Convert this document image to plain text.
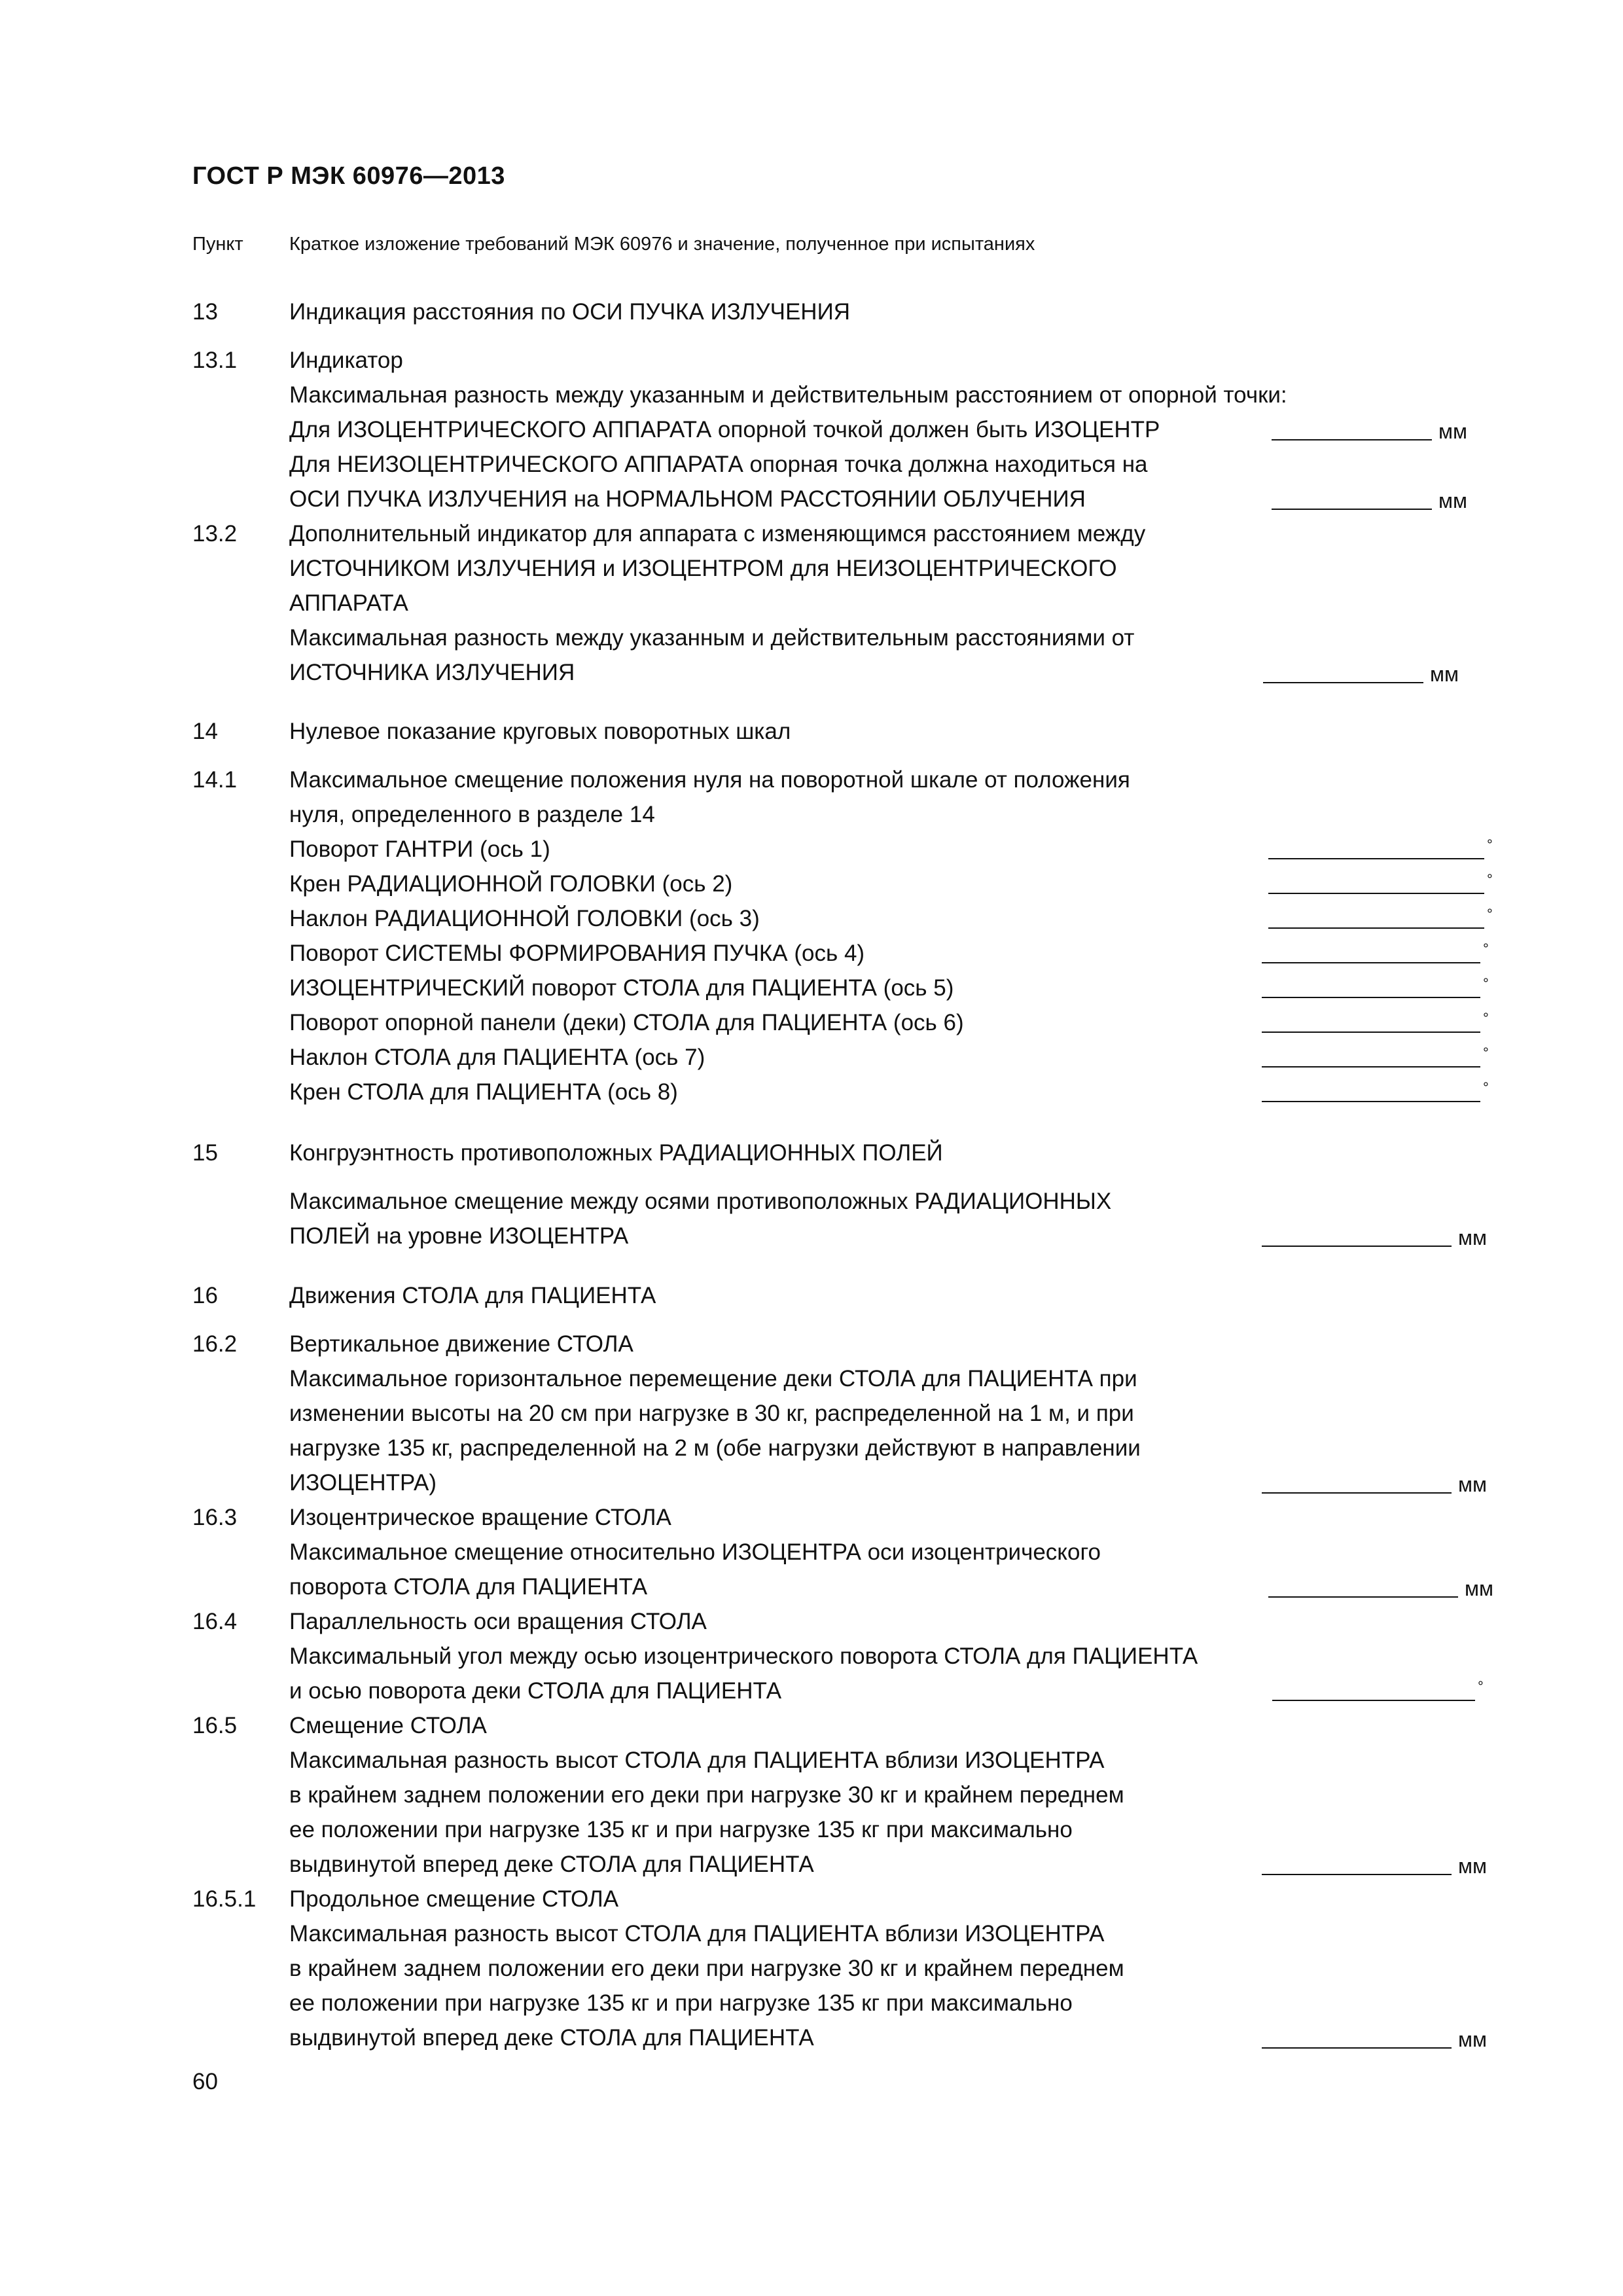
ГОСТ Р МЭК 60976—2013
Пункт Краткое изложение требований МЭК 60976 и значение, полученное при испытаниях
13	Индикация расстояния по ОСИ ПУЧКА ИЗЛУЧЕНИЯ
13.1 Индикатор
Максимальная разность между указанным и действительным расстоянием от опорной точки:
Для ИЗОЦЕНТРИЧЕСКОГО АППАРАТА опорной точкой должен быть ИЗОЦЕНТР	мм
Для НЕИЗОЦЕНТРИЧЕСКОГО АППАРАТА опорная точка должна находиться на
ОСИ ПУЧКА ИЗЛУЧЕНИЯ на НОРМАЛЬНОМ РАССТОЯНИИ ОБЛУЧЕНИЯ	мм
13.2 Дополнительный индикатор для аппарата с изменяющимся расстоянием между
ИСТОЧНИКОМ ИЗЛУЧЕНИЯ и ИЗОЦЕНТРОМ для НЕИЗОЦЕНТРИЧЕСКОГО
АППАРАТА
Максимальная разность между указанным и действительным расстояниями от
ИСТОЧНИКА ИЗЛУЧЕНИЯ	мм
14	Нулевое показание круговых поворотных шкал
14.1 Максимальное смещение положения нуля на поворотной шкале от положения
нуля, определенного в разделе 14
Поворот ГАНТРИ (ось 1)	°
Крен РАДИАЦИОННОЙ ГОЛОВКИ (ось 2)	°
Наклон РАДИАЦИОННОЙ ГОЛОВКИ (ось 3)	°
Поворот СИСТЕМЫ ФОРМИРОВАНИЯ ПУЧКА (ось 4)	°
ИЗОЦЕНТРИЧЕСКИЙ поворот СТОЛА для ПАЦИЕНТА (ось 5)	°
Поворот опорной панели (деки) СТОЛА для ПАЦИЕНТА (ось 6)	°
Наклон СТОЛА для ПАЦИЕНТА (ось 7)	°
Крен СТОЛА для ПАЦИЕНТА (ось 8)	°
15	Конгруэнтность противоположных РАДИАЦИОННЫХ ПОЛЕЙ
Максимальное смещение между осями противоположных РАДИАЦИОННЫХ
ПОЛЕЙ на уровне ИЗОЦЕНТРА	мм
16	Движения СТОЛА для ПАЦИЕНТА
16.2 Вертикальное движение СТОЛА
Максимальное горизонтальное перемещение деки СТОЛА для ПАЦИЕНТА при
изменении высоты на 20 см при нагрузке в 30 кг, распределенной на 1 м, и при
нагрузке 135 кг, распределенной на 2 м (обе нагрузки действуют в направлении
ИЗОЦЕНТРА)	мм
16.3 Изоцентрическое вращение СТОЛА
Максимальное смещение относительно ИЗОЦЕНТРА оси изоцентрического
поворота СТОЛА для ПАЦИЕНТА	мм
16.4 Параллельность оси вращения СТОЛА
Максимальный угол между осью изоцентрического поворота СТОЛА для ПАЦИЕНТА
и осью поворота деки СТОЛА для ПАЦИЕНТА	°
16.5 Смещение СТОЛА
Максимальная разность высот СТОЛА для ПАЦИЕНТА вблизи ИЗОЦЕНТРА
в крайнем заднем положении его деки при нагрузке 30 кг и крайнем переднем
ее положении при нагрузке 135 кг и при нагрузке 135 кг при максимально
выдвинутой вперед деке СТОЛА для ПАЦИЕНТА	мм
16.5.1 Продольное смещение СТОЛА
Максимальная разность высот СТОЛА для ПАЦИЕНТА вблизи ИЗОЦЕНТРА
в крайнем заднем положении его деки при нагрузке 30 кг и крайнем переднем
ее положении при нагрузке 135 кг и при нагрузке 135 кг при максимально
выдвинутой вперед деке СТОЛА для ПАЦИЕНТА	мм
60
